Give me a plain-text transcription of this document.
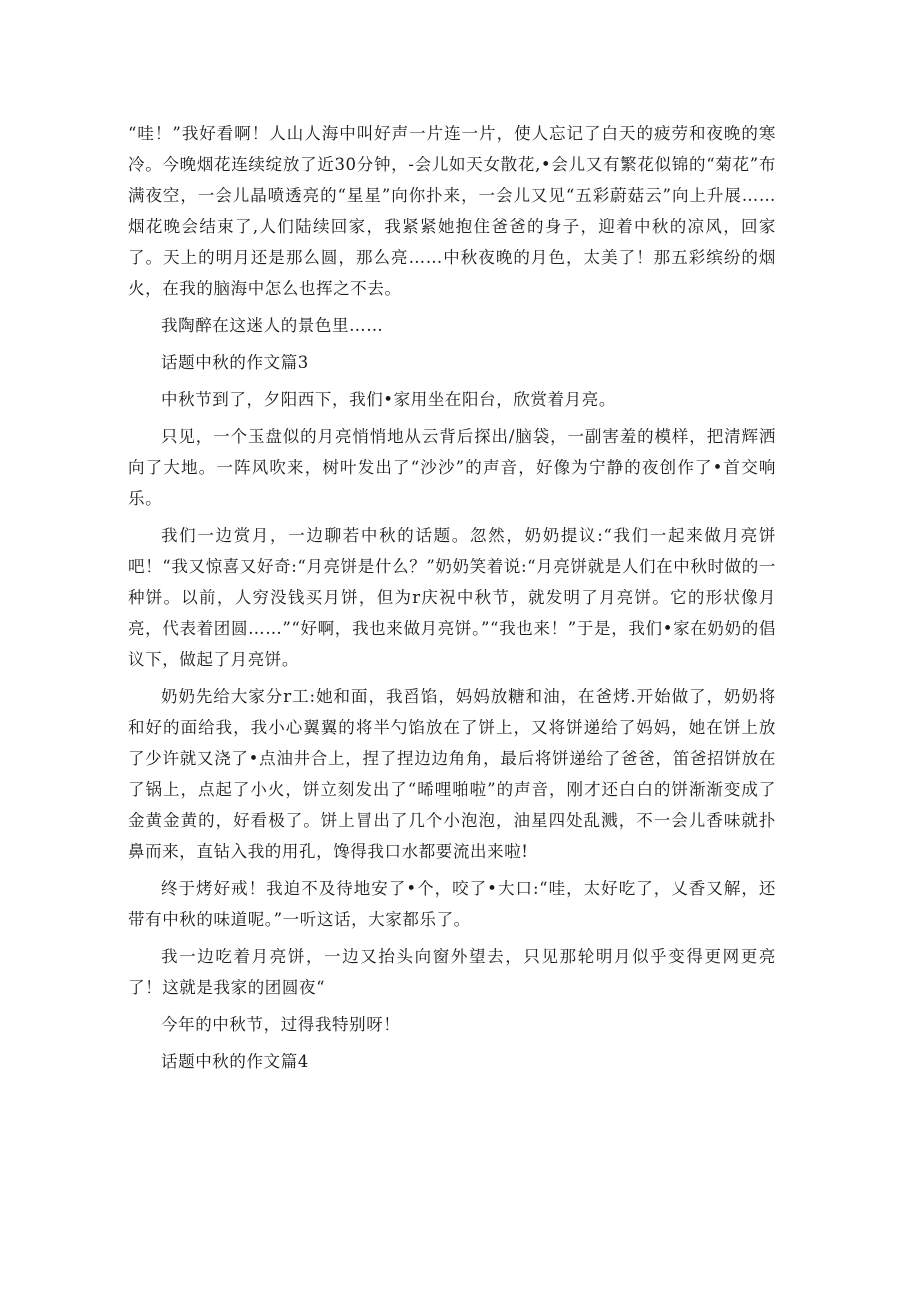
“哇！”我好看啊！人山人海中叫好声一片连一片，使人忘记了白天的疲劳和夜晚的寒冷。今晚烟花连续绽放了近30分钟，-会儿如天女散花,•会儿又有繁花似锦的“菊花”布满夜空，一会儿晶喷透亮的“星星”向你扑来，一会儿又见“五彩蔚菇云”向上升展……烟花晚会结束了,人们陆续回家，我紧紧她抱住爸爸的身子，迎着中秋的凉风，回家了。天上的明月还是那么圆，那么亮……中秋夜晚的月色，太美了！那五彩缤纷的烟火，在我的脑海中怎么也挥之不去。

我陶醉在这迷人的景色里……

话题中秋的作文篇3

中秋节到了，夕阳西下，我们•家用坐在阳台，欣赏着月亮。

只见，一个玉盘似的月亮悄悄地从云背后探出/脑袋，一副害羞的模样，把清辉洒向了大地。一阵风吹来，树叶发出了“沙沙”的声音，好像为宁静的夜创作了•首交响乐。

我们一边赏月，一边聊若中秋的话题。忽然，奶奶提议:“我们一起来做月亮饼吧！“我又惊喜又好奇:“月亮饼是什么？”奶奶笑着说:“月亮饼就是人们在中秋时做的一种饼。以前，人穷没钱买月饼，但为r庆祝中秋节，就发明了月亮饼。它的形状像月亮，代表着团圆……”“好啊，我也来做月亮饼。”“我也来！”于是，我们•家在奶奶的倡议下，做起了月亮饼。

奶奶先给大家分r工:她和面，我舀馅，妈妈放糖和油，在爸烤.开始做了，奶奶将和好的面给我，我小心翼翼的将半勺馅放在了饼上，又将饼递给了妈妈，她在饼上放了少许就又浇了•点油井合上，捏了捏边边角角，最后将饼递给了爸爸，笛爸招饼放在了锅上，点起了小火，饼立刻发出了“晞哩啪啦”的声音，刚才还白白的饼渐渐变成了金黄金黄的，好看极了。饼上冒出了几个小泡泡，油星四处乱溅，不一会儿香味就扑鼻而来，直钻入我的用孔，馋得我口水都要流出来啦!

终于烤好戒！我迫不及待地安了•个，咬了•大口:“哇，太好吃了，乂香又解，还带有中秋的味道呢。”一听这话，大家都乐了。

我一边吃着月亮饼，一边又抬头向窗外望去，只见那轮明月似乎变得更网更亮了！这就是我家的团圆夜“

今年的中秋节，过得我特别呀！

话题中秋的作文篇4
